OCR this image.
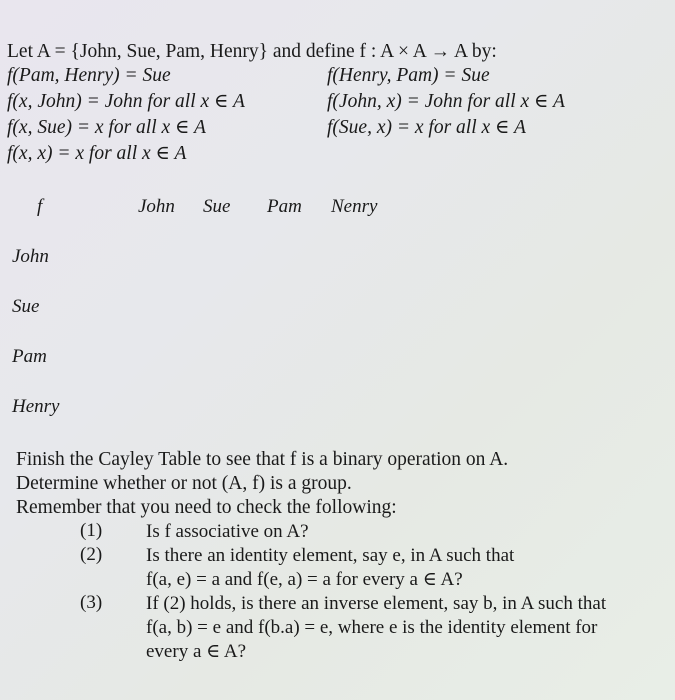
Let A = {John, Sue, Pam, Henry} and define f : A × A → A by:
f(Pam, Henry) = Sue	f(Henry, Pam) = Sue
f(x, John) = John for all x ∈ A	f(John, x) = John for all x ∈ A
f(x, Sue) = x for all x ∈ A	f(Sue, x) = x for all x ∈ A
f(x, x) = x for all x ∈ A
f	John Sue Pam Nenry
John
Sue
Pam
Henry
Finish the Cayley Table to see that f is a binary operation on A.
Determine whether or not (A, f) is a group.
Remember that you need to check the following:
(1) Is f associative on A?
(2) Is there an identity element, say e, in A such that
f(a, e) = a and f(e, a) = a for every a ∈ A?
(3) If (2) holds, is there an inverse element, say b, in A such that
f(a, b) = e and f(b.a) = e, where e is the identity element for
every a ∈ A?
